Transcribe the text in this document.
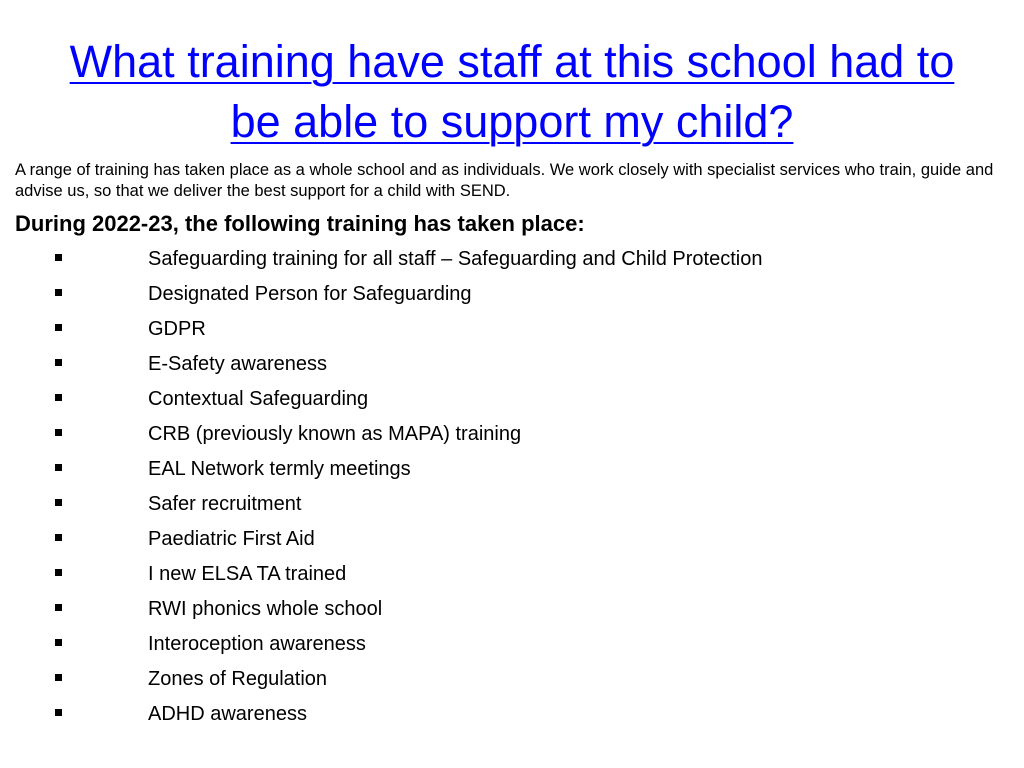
What training have staff at this school had to be able to support my child?

A range of training has taken place as a whole school and as individuals. We work closely with specialist services who train, guide and advise us, so that we deliver the best support for a child with SEND.

During 2022-23, the following training has taken place:

Safeguarding training for all staff – Safeguarding and Child Protection
Designated Person for Safeguarding
GDPR
E-Safety awareness
Contextual Safeguarding
CRB (previously known as MAPA) training
EAL Network termly meetings
Safer recruitment
Paediatric First Aid
I new ELSA TA trained
RWI phonics whole school
Interoception awareness
Zones of Regulation
ADHD awareness
